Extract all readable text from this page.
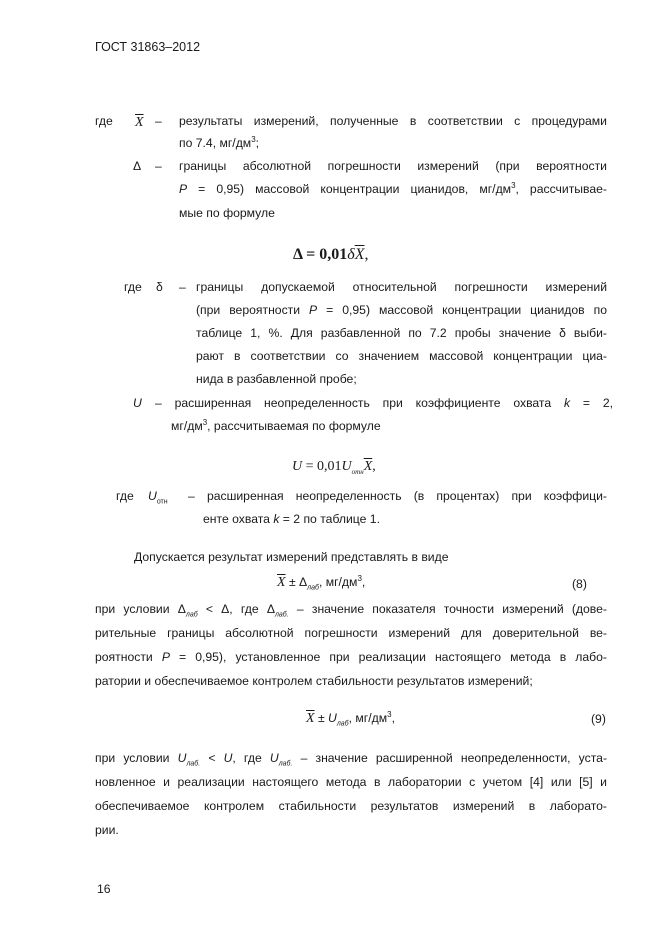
ГОСТ 31863–2012
где $\overline{X}$ – результаты измерений, полученные в соответствии с процедурами
по 7.4, $мг/дм^3$;
Δ – границы абсолютной погрешности измерений (при вероятности
P = 0,95) массовой концентрации цианидов, $мг/дм^3$, рассчитывае-
мые по формуле
$\Delta = 0,01\delta\overline{X}$,
где δ – границы допускаемой относительной погрешности измерений
(при вероятности P = 0,95) массовой концентрации цианидов по
таблице 1, %. Для разбавленной по 7.2 пробы значение δ выби-
рают в соответствии со значением массовой концентрации циа-
нида в разбавленной пробе;
U – расширенная неопределенность при коэффициенте охвата k = 2,
$мг/дм^3$, рассчитываемая по формуле
$U = 0,01U_{отн}\overline{X}$,
где $U_{отн}$ – расширенная неопределенность (в процентах) при коэффици-
енте охвата k = 2 по таблице 1.
Допускается результат измерений представлять в виде
$\overline{X} \pm \Delta_{лаб}$, $мг/дм^3$,	(8)
при условии $\Delta_{лаб} < \Delta$, где $\Delta_{лаб.}$ – значение показателя точности измерений (дове-
рительные границы абсолютной погрешности измерений для доверительной ве-
роятности P = 0,95), установленное при реализации настоящего метода в лабо-
ратории и обеспечиваемое контролем стабильности результатов измерений;
$\overline{X} \pm U_{лаб}$, $мг/дм^3$,	(9)
при условии $U_{лаб.} < U$, где $U_{лаб.}$ – значение расширенной неопределенности, уста-
новленное и реализации настоящего метода в лаборатории с учетом [4] или [5] и
обеспечиваемое контролем стабильности результатов измерений в лаборато-
рии.
16
